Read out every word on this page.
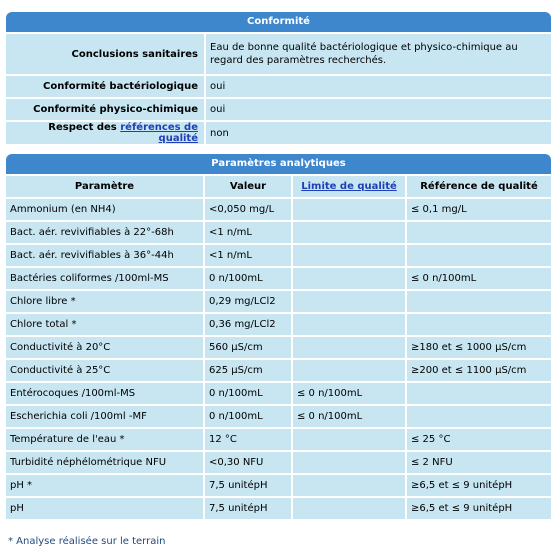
Conformité
Conclusions sanitaires	Eau de bonne qualité bactériologique et physico-chimique au regard des paramètres recherchés.
Conformité bactériologique	oui
Conformité physico-chimique	oui
Respect des références de qualité	non
Paramètres analytiques
Paramètre	Valeur	Limite de qualité	Référence de qualité
Ammonium (en NH4)	<0,050 mg/L		≤ 0,1 mg/L
Bact. aér. revivifiables à 22°-68h	<1 n/mL		
Bact. aér. revivifiables à 36°-44h	<1 n/mL		
Bactéries coliformes /100ml-MS	0 n/100mL		≤ 0 n/100mL
Chlore libre *	0,29 mg/LCl2		
Chlore total *	0,36 mg/LCl2		
Conductivité à 20°C	560 µS/cm		≥180 et ≤ 1000 µS/cm
Conductivité à 25°C	625 µS/cm		≥200 et ≤ 1100 µS/cm
Entérocoques /100ml-MS	0 n/100mL	≤ 0 n/100mL	
Escherichia coli /100ml -MF	0 n/100mL	≤ 0 n/100mL	
Température de l'eau *	12 °C		≤ 25 °C
Turbidité néphélométrique NFU	<0,30 NFU		≤ 2 NFU
pH *	7,5 unitépH		≥6,5 et ≤ 9 unitépH
pH	7,5 unitépH		≥6,5 et ≤ 9 unitépH
* Analyse réalisée sur le terrain
